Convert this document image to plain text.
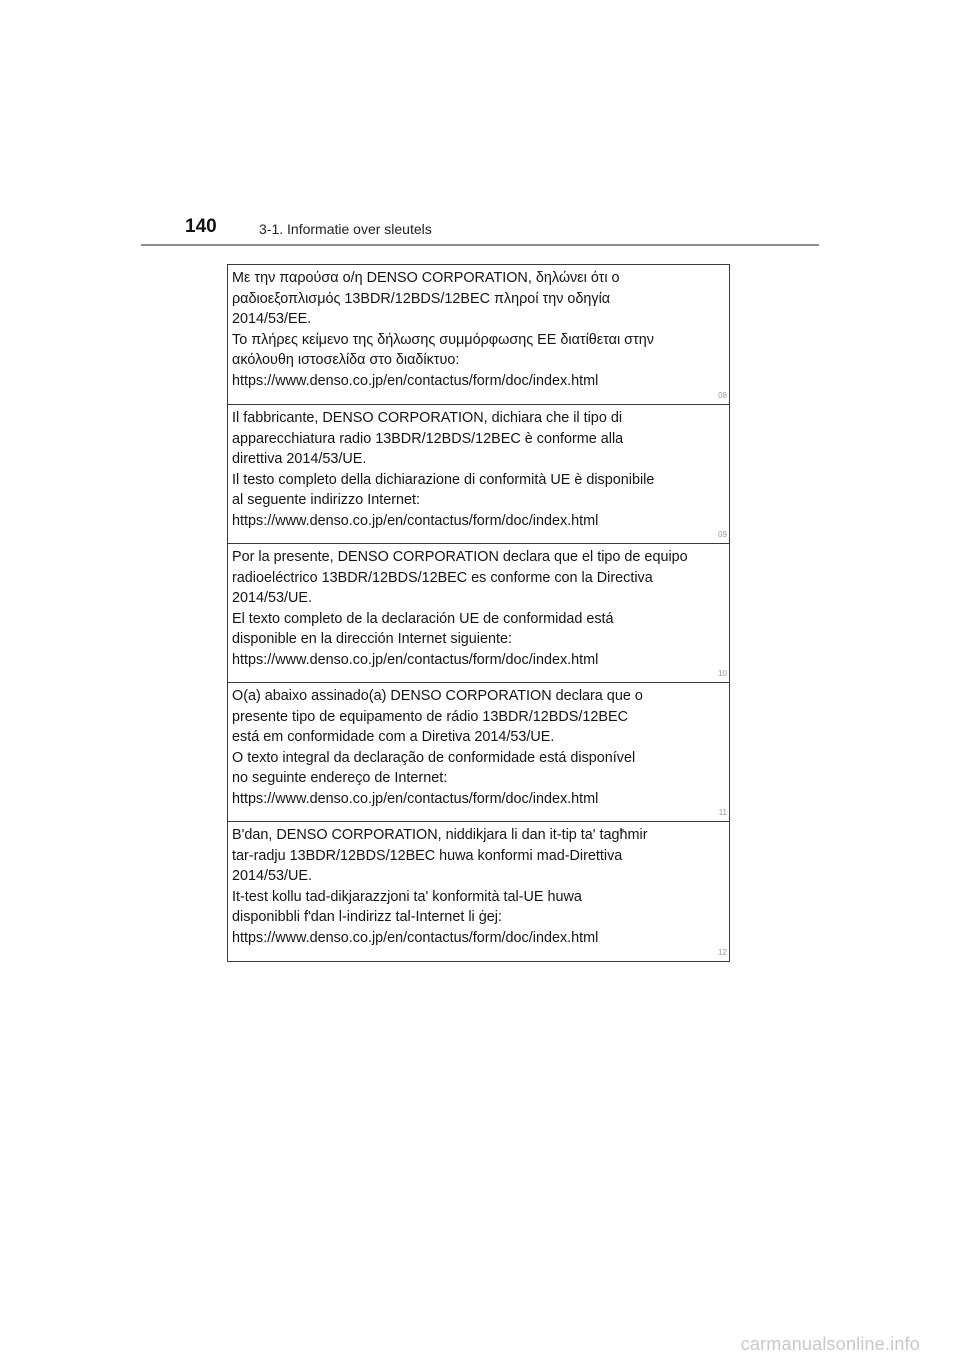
140	3-1. Informatie over sleutels
Με την παρούσα ο/η DENSO CORPORATION, δηλώνει ότι ο
ραδιοεξοπλισμός 13BDR/12BDS/12BEC πληροί την οδηγία
2014/53/ΕΕ.
Το πλήρες κείμενο της δήλωσης συμμόρφωσης ΕΕ διατίθεται στην
ακόλουθη ιστοσελίδα στο διαδίκτυο:
https://www.denso.co.jp/en/contactus/form/doc/index.html
08
Il fabbricante, DENSO CORPORATION, dichiara che il tipo di
apparecchiatura radio 13BDR/12BDS/12BEC è conforme alla
direttiva 2014/53/UE.
Il testo completo della dichiarazione di conformità UE è disponibile
al seguente indirizzo Internet:
https://www.denso.co.jp/en/contactus/form/doc/index.html
09
Por la presente, DENSO CORPORATION declara que el tipo de equipo
radioeléctrico 13BDR/12BDS/12BEC es conforme con la Directiva
2014/53/UE.
El texto completo de la declaración UE de conformidad está
disponible en la dirección Internet siguiente:
https://www.denso.co.jp/en/contactus/form/doc/index.html
10
O(a) abaixo assinado(a) DENSO CORPORATION declara que o
presente tipo de equipamento de rádio 13BDR/12BDS/12BEC
está em conformidade com a Diretiva 2014/53/UE.
O texto integral da declaração de conformidade está disponível
no seguinte endereço de Internet:
https://www.denso.co.jp/en/contactus/form/doc/index.html
11
B'dan, DENSO CORPORATION, niddikjara li dan it-tip ta' tagħmir
tar-radju 13BDR/12BDS/12BEC huwa konformi mad-Direttiva
2014/53/UE.
It-test kollu tad-dikjarazzjoni ta' konformità tal-UE huwa
disponibbli f'dan l-indirizz tal-Internet li ġej:
https://www.denso.co.jp/en/contactus/form/doc/index.html
12
carmanualsonline.info
